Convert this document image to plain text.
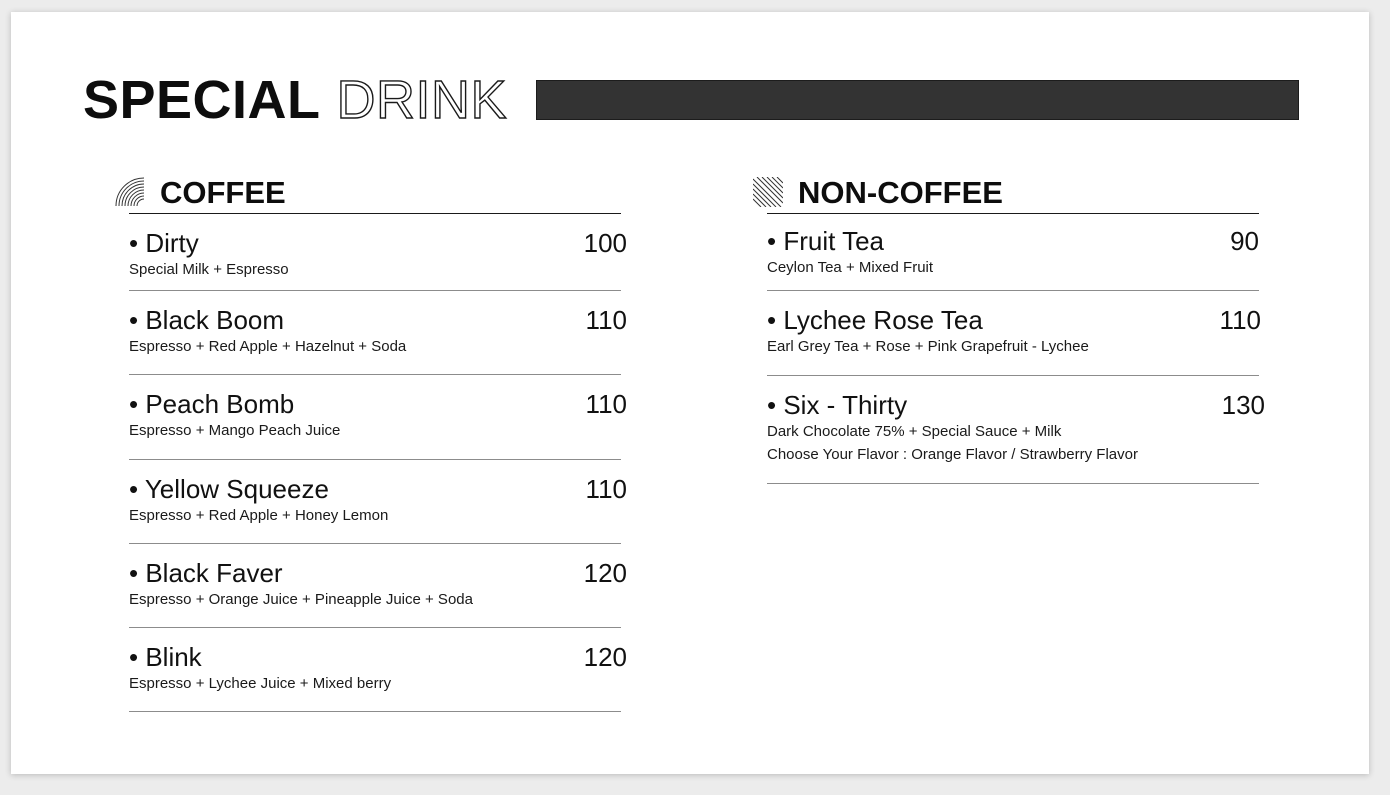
SPECIAL DRINK
COFFEE
• Dirty	100
Special Milk + Espresso
• Black Boom	110
Espresso + Red Apple + Hazelnut + Soda
• Peach Bomb	110
Espresso + Mango Peach Juice
• Yellow Squeeze	110
Espresso + Red Apple + Honey Lemon
• Black Faver	120
Espresso + Orange Juice + Pineapple Juice + Soda
• Blink	120
Espresso + Lychee Juice + Mixed berry
NON-COFFEE
• Fruit Tea	90
Ceylon Tea + Mixed Fruit
• Lychee Rose Tea	110
Earl Grey Tea + Rose + Pink Grapefruit - Lychee
• Six - Thirty	130
Dark Chocolate 75% + Special Sauce + Milk
Choose Your Flavor : Orange Flavor / Strawberry Flavor
